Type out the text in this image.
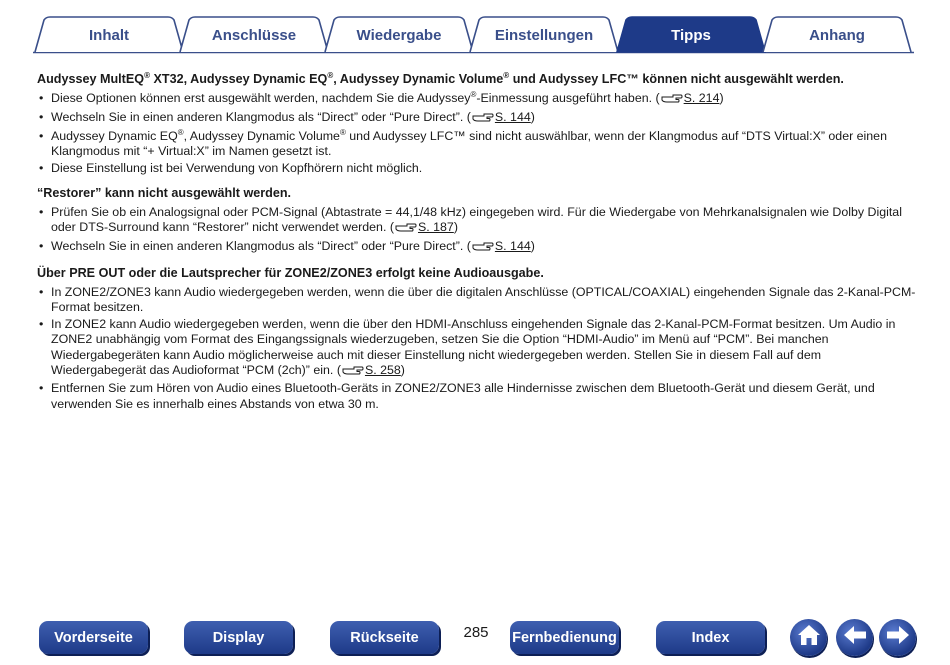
Inhalt	Anschlüsse	Wiedergabe	Einstellungen	Tipps	Anhang
Audyssey MultEQ® XT32, Audyssey Dynamic EQ®, Audyssey Dynamic Volume® und Audyssey LFC™ können nicht ausgewählt werden.
• Diese Optionen können erst ausgewählt werden, nachdem Sie die Audyssey®-Einmessung ausgeführt haben. ( S. 214)
• Wechseln Sie in einen anderen Klangmodus als “Direct” oder “Pure Direct”. ( S. 144)
• Audyssey Dynamic EQ®, Audyssey Dynamic Volume® und Audyssey LFC™ sind nicht auswählbar, wenn der Klangmodus auf “DTS Virtual:X” oder einen Klangmodus mit “+ Virtual:X” im Namen gesetzt ist.
• Diese Einstellung ist bei Verwendung von Kopfhörern nicht möglich.
“Restorer” kann nicht ausgewählt werden.
• Prüfen Sie ob ein Analogsignal oder PCM-Signal (Abtastrate = 44,1/48 kHz) eingegeben wird. Für die Wiedergabe von Mehrkanalsignalen wie Dolby Digital oder DTS-Surround kann “Restorer” nicht verwendet werden. ( S. 187)
• Wechseln Sie in einen anderen Klangmodus als “Direct” oder “Pure Direct”. ( S. 144)
Über PRE OUT oder die Lautsprecher für ZONE2/ZONE3 erfolgt keine Audioausgabe.
• In ZONE2/ZONE3 kann Audio wiedergegeben werden, wenn die über die digitalen Anschlüsse (OPTICAL/COAXIAL) eingehenden Signale das 2-Kanal-PCM-Format besitzen.
• In ZONE2 kann Audio wiedergegeben werden, wenn die über den HDMI-Anschluss eingehenden Signale das 2-Kanal-PCM-Format besitzen. Um Audio in ZONE2 unabhängig vom Format des Eingangssignals wiederzugeben, setzen Sie die Option “HDMI-Audio” im Menü auf “PCM”. Bei manchen Wiedergabegeräten kann Audio möglicherweise auch mit dieser Einstellung nicht wiedergegeben werden. Stellen Sie in diesem Fall auf dem Wiedergabegerät das Audioformat “PCM (2ch)” ein. ( S. 258)
• Entfernen Sie zum Hören von Audio eines Bluetooth-Geräts in ZONE2/ZONE3 alle Hindernisse zwischen dem Bluetooth-Gerät und diesem Gerät, und verwenden Sie es innerhalb eines Abstands von etwa 30 m.
Vorderseite	Display	Rückseite	285	Fernbedienung	Index
